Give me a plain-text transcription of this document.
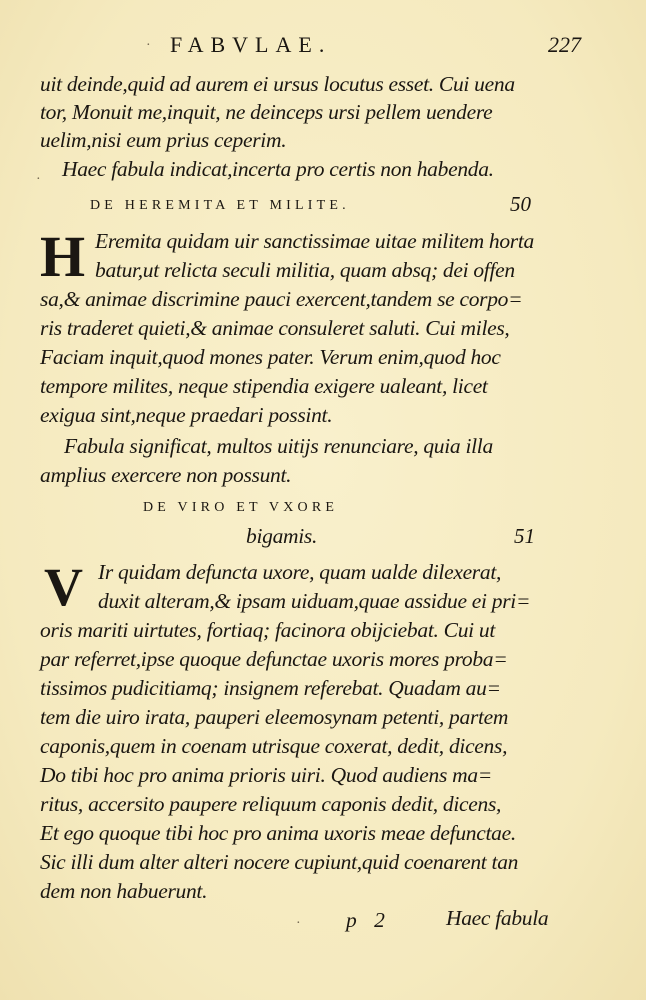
· FABVLAE.	227
uit deinde,quid ad aurem ei ursus locutus esset. Cui uena
tor, Monuit me,inquit, ne deinceps ursi pellem uendere
uelim,nisi eum prius ceperim.
· Haec fabula indicat,incerta pro certis non habenda.
DE HEREMITA ET MILITE.	50
H Eremita quidam uir sanctissimae uitae militem horta
batur,ut relicta seculi militia, quam absq; dei offen
sa,& animae discrimine pauci exercent,tandem se corpo=
ris traderet quieti,& animae consuleret saluti. Cui miles,
Faciam inquit,quod mones pater. Verum enim,quod hoc
tempore milites, neque stipendia exigere ualeant, licet
exigua sint,neque praedari possint.
Fabula significat, multos uitijs renunciare, quia illa
amplius exercere non possunt.
DE VIRO ET VXORE
bigamis.	51
V Ir quidam defuncta uxore, quam ualde dilexerat,
duxit alteram,& ipsam uiduam,quae assidue ei pri=
oris mariti uirtutes, fortiaq; facinora obijciebat. Cui ut
par referret,ipse quoque defunctae uxoris mores proba=
tissimos pudicitiamq; insignem referebat. Quadam au=
tem die uiro irata, pauperi eleemosynam petenti, partem
caponis,quem in coenam utrisque coxerat, dedit, dicens,
Do tibi hoc pro anima prioris uiri. Quod audiens ma=
ritus, accersito paupere reliquum caponis dedit, dicens,
Et ego quoque tibi hoc pro anima uxoris meae defunctae.
Sic illi dum alter alteri nocere cupiunt,quid coenarent tan
dem non habuerunt.
· p 2	Haec fabula
